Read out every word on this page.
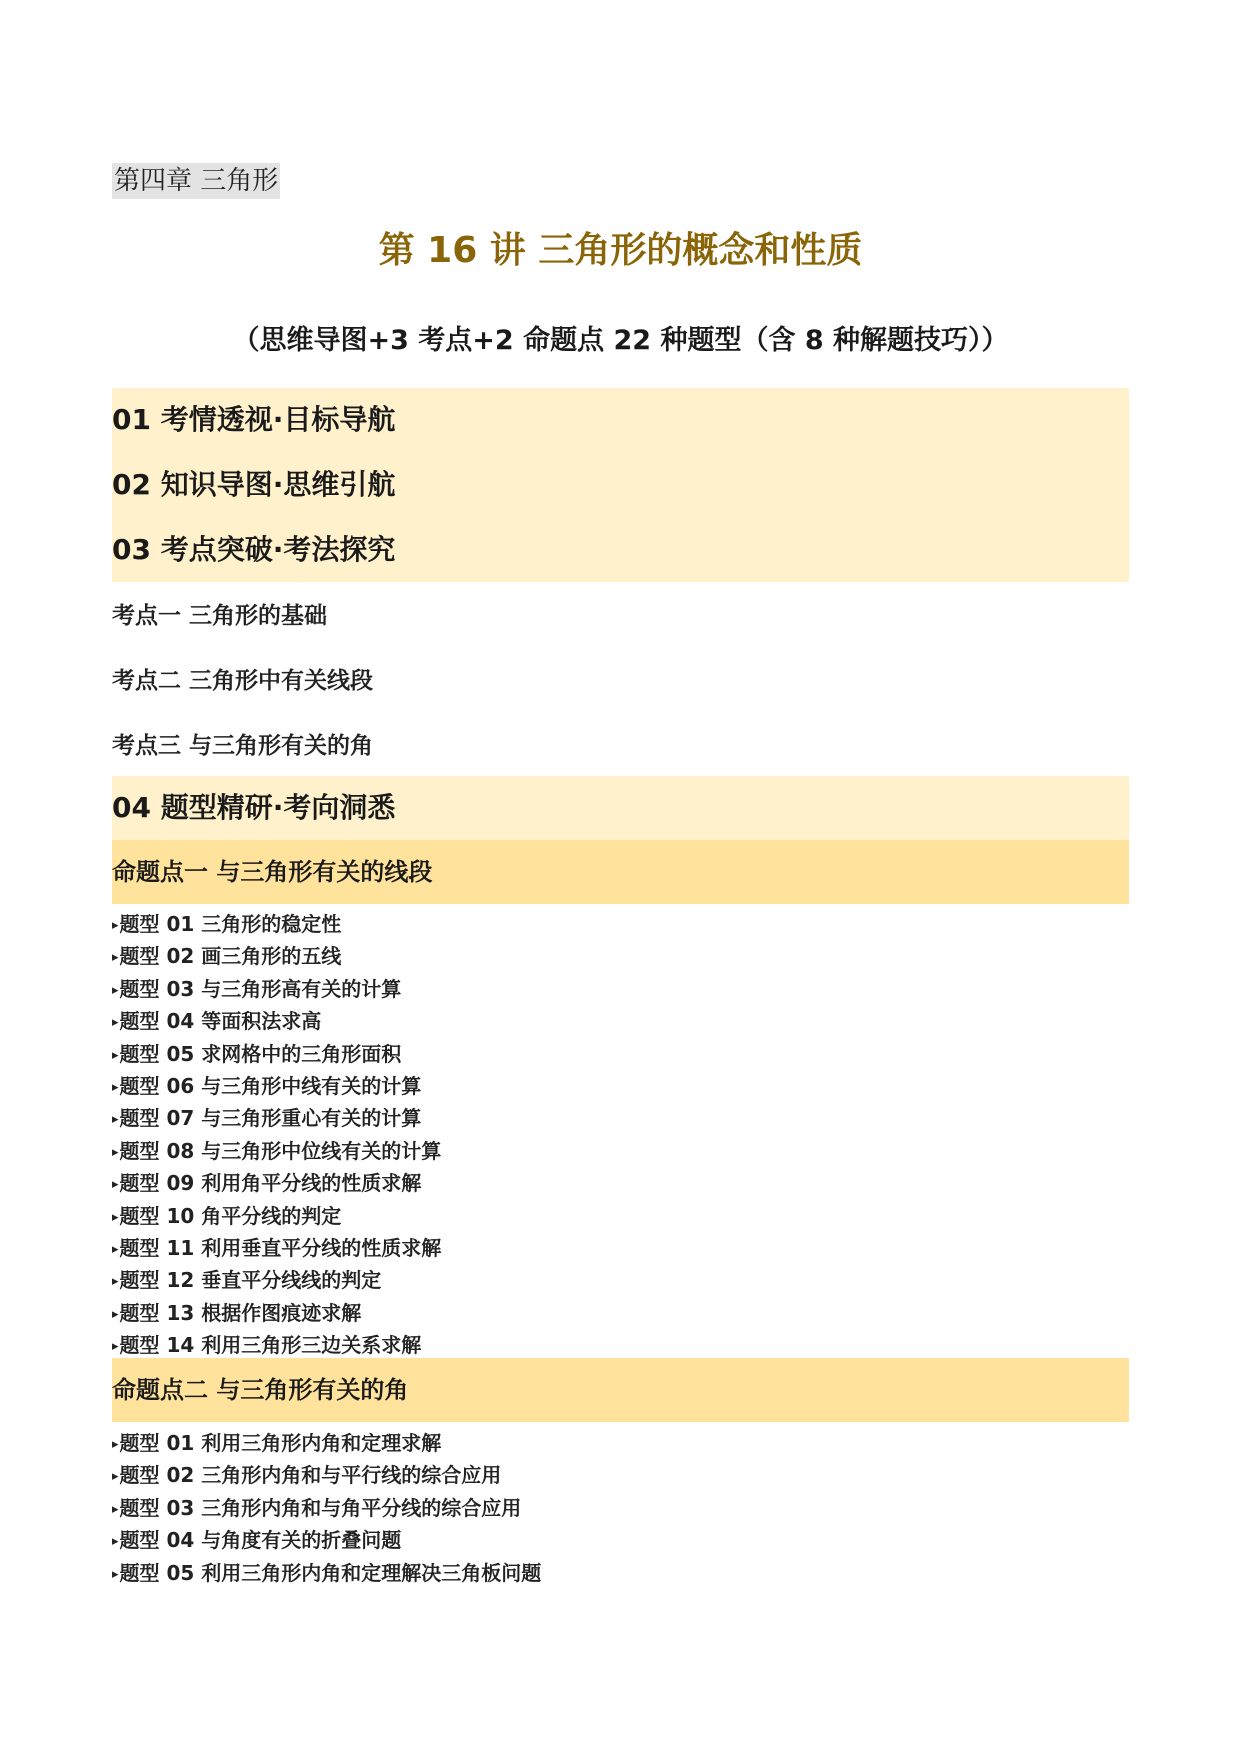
第四章 三角形
第 16 讲 三角形的概念和性质
（思维导图+3 考点+2 命题点 22 种题型（含 8 种解题技巧））
01 考情透视·目标导航
02 知识导图·思维引航
03 考点突破·考法探究
考点一 三角形的基础
考点二 三角形中有关线段
考点三 与三角形有关的角
04 题型精研·考向洞悉
命题点一 与三角形有关的线段
▸题型 01 三角形的稳定性
▸题型 02 画三角形的五线
▸题型 03 与三角形高有关的计算
▸题型 04 等面积法求高
▸题型 05 求网格中的三角形面积
▸题型 06 与三角形中线有关的计算
▸题型 07 与三角形重心有关的计算
▸题型 08 与三角形中位线有关的计算
▸题型 09 利用角平分线的性质求解
▸题型 10 角平分线的判定
▸题型 11 利用垂直平分线的性质求解
▸题型 12 垂直平分线线的判定
▸题型 13 根据作图痕迹求解
▸题型 14 利用三角形三边关系求解
命题点二 与三角形有关的角
▸题型 01 利用三角形内角和定理求解
▸题型 02 三角形内角和与平行线的综合应用
▸题型 03 三角形内角和与角平分线的综合应用
▸题型 04 与角度有关的折叠问题
▸题型 05 利用三角形内角和定理解决三角板问题
